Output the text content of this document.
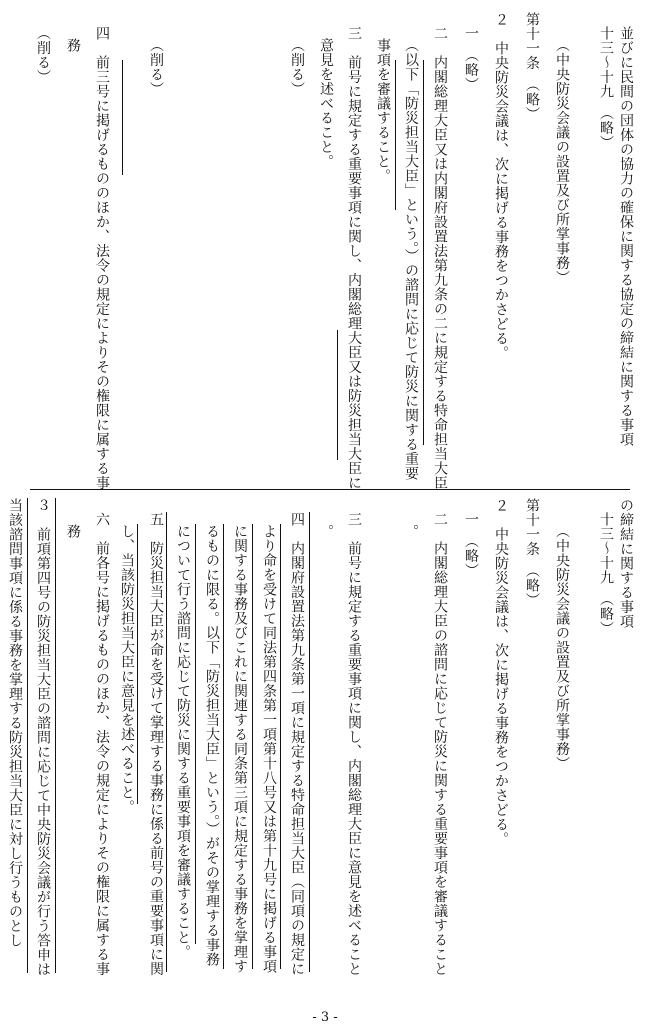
- 3 -
並びに民間の団体の協力の確保に関する協定の締結に関する事項
十三～十九　（略）
（中央防災会議の設置及び所掌事務）
第十一条　（略）
２　中央防災会議は、次に掲げる事務をつかさどる。
一　（略）
二　内閣総理大臣又は内閣府設置法第九条の二に規定する特命担当大臣
（以下「防災担当大臣」という。）の諮問に応じて防災に関する重要
事項を審議すること。
三　前号に規定する重要事項に関し、内閣総理大臣又は防災担当大臣に
意見を述べること。
（削る）
（削る）
四　前三号に掲げるもののほか、法令の規定によりその権限に属する事
務
（削る）
の締結に関する事項
十三～十九　（略）
（中央防災会議の設置及び所掌事務）
第十一条　（略）
２　中央防災会議は、次に掲げる事務をつかさどる。
一　（略）
二　内閣総理大臣の諮問に応じて防災に関する重要事項を審議すること
。
三　前号に規定する重要事項に関し、内閣総理大臣に意見を述べること
。
四　内閣府設置法第九条第一項に規定する特命担当大臣（同項の規定に
より命を受けて同法第四条第一項第十八号又は第十九号に掲げる事項
に関する事務及びこれに関連する同条第三項に規定する事務を掌理す
るものに限る。以下「防災担当大臣」という。）がその掌理する事務
について行う諮問に応じて防災に関する重要事項を審議すること。
五　防災担当大臣が命を受けて掌理する事務に係る前号の重要事項に関
し、当該防災担当大臣に意見を述べること。
六　前各号に掲げるもののほか、法令の規定によりその権限に属する事
務
３　前項第四号の防災担当大臣の諮問に応じて中央防災会議が行う答申は
当該諮問事項に係る事務を掌理する防災担当大臣に対し行うものとし
